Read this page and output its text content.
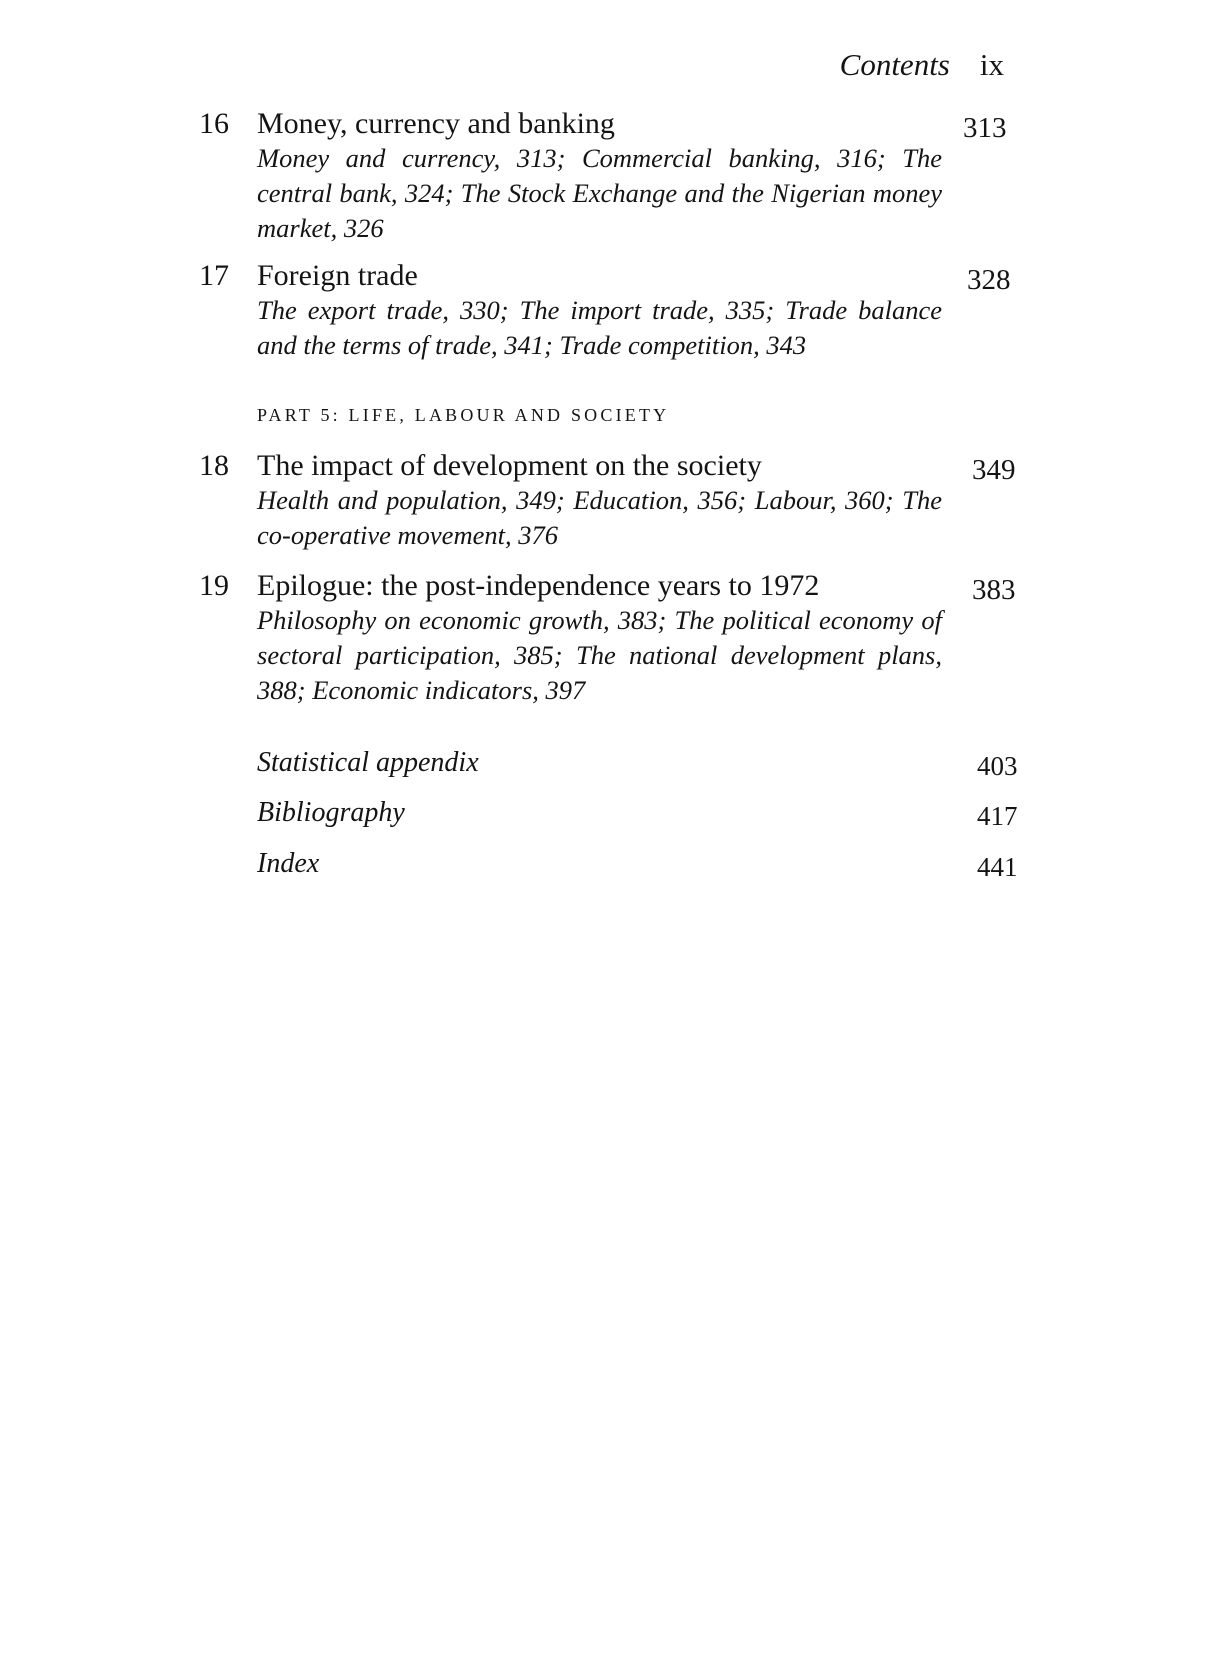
Contents ix
16 Money, currency and banking	313
Money and currency, 313; Commercial banking, 316; The central bank, 324; The Stock Exchange and the Nigerian money market, 326
17 Foreign trade	328
The export trade, 330; The import trade, 335; Trade balance and the terms of trade, 341; Trade competition, 343
PART 5: LIFE, LABOUR AND SOCIETY
18 The impact of development on the society	349
Health and population, 349; Education, 356; Labour, 360; The co-operative movement, 376
19 Epilogue: the post-independence years to 1972	383
Philosophy on economic growth, 383; The political economy of sectoral participation, 385; The national development plans, 388; Economic indicators, 397
Statistical appendix	403
Bibliography	417
Index	441
